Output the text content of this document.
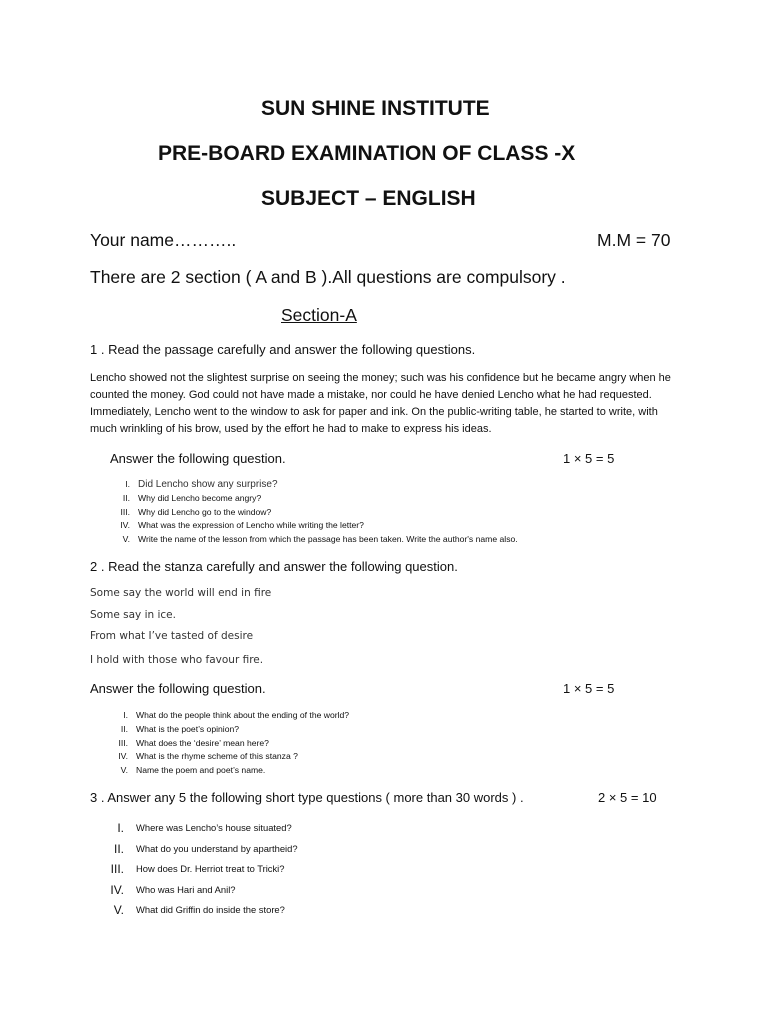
SUN SHINE INSTITUTE
PRE-BOARD EXAMINATION OF CLASS -X
SUBJECT – ENGLISH
Your name………..	M.M = 70
There are 2 section ( A and B ).All questions are compulsory .
Section-A
1 . Read the passage carefully and answer the following questions.
Lencho showed not the slightest surprise on seeing the money; such was his confidence but he became angry when he counted the money. God could not have made a mistake, nor could he have denied Lencho what he had requested. Immediately, Lencho went to the window to ask for paper and ink. On the public-writing table, he started to write, with much wrinkling of his brow, used by the effort he had to make to express his ideas.
Answer the following question.	1 × 5 = 5
I. Did Lencho show any surprise?
II. Why did Lencho become angry?
III. Why did Lencho go to the window?
IV. What was the expression of Lencho while writing the letter?
V. Write the name of the lesson from which the passage has been taken. Write the author's name also.
2 . Read the stanza carefully and answer the following question.
Some say the world will end in fire
Some say in ice.
From what I’ve tasted of desire
I hold with those who favour fire.
Answer the following question.	1 × 5 = 5
I. What do the people think about the ending of the world?
II. What is the poet’s opinion?
III. What does the ‘desire’ mean here?
IV. What is the rhyme scheme of this stanza ?
V. Name the poem and poet’s name.
3 . Answer any 5 the following short type questions ( more than 30 words ) .	2 × 5 = 10
I. Where was Lencho’s house situated?
II. What do you understand by apartheid?
III. How does Dr. Herriot treat to Tricki?
IV. Who was Hari and Anil?
V. What did Griffin do inside the store?
